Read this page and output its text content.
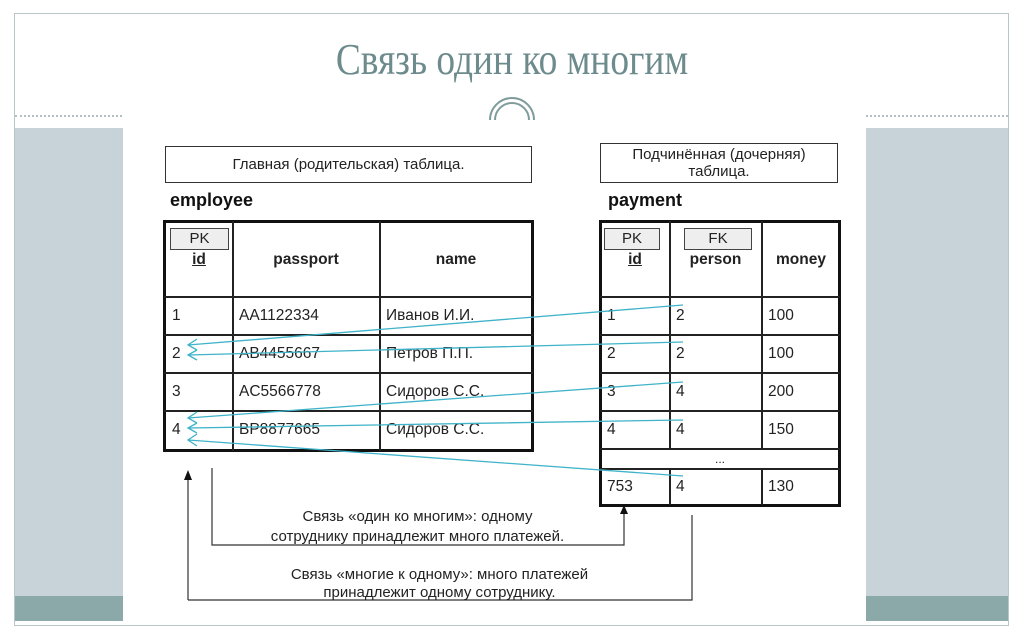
Связь один ко многим
Главная (родительская) таблица.
Подчинённая (дочерняя) таблица.
employee	payment
PK
id	passport	name
1	AA1122334	Иванов И.И.
2	AB4455667	Петров П.П.
3	AC5566778	Сидоров С.С.
4	BP8877665	Сидоров С.С.
PK	FK
id	person	money
1	2	100
2	2	100
3	4	200
4	4	150
...
753	4	130
Связь «один ко многим»: одному
сотруднику принадлежит много платежей.
Связь «многие к одному»: много платежей
принадлежит одному сотруднику.
